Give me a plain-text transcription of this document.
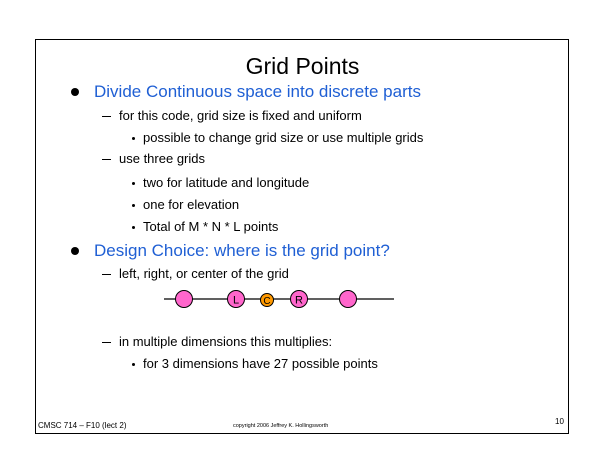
Grid Points
Divide Continuous space into discrete parts
for this code, grid size is fixed and uniform
possible to change grid size or use multiple grids
use three grids
two for latitude and longitude
one for elevation
Total of M * N * L points
Design Choice: where is the grid point?
left, right, or center of the grid
L C R
in multiple dimensions this multiplies:
for 3 dimensions have 27 possible points
CMSC 714 – F10 (lect 2)	copyright 2006 Jeffrey K. Hollingsworth	10
